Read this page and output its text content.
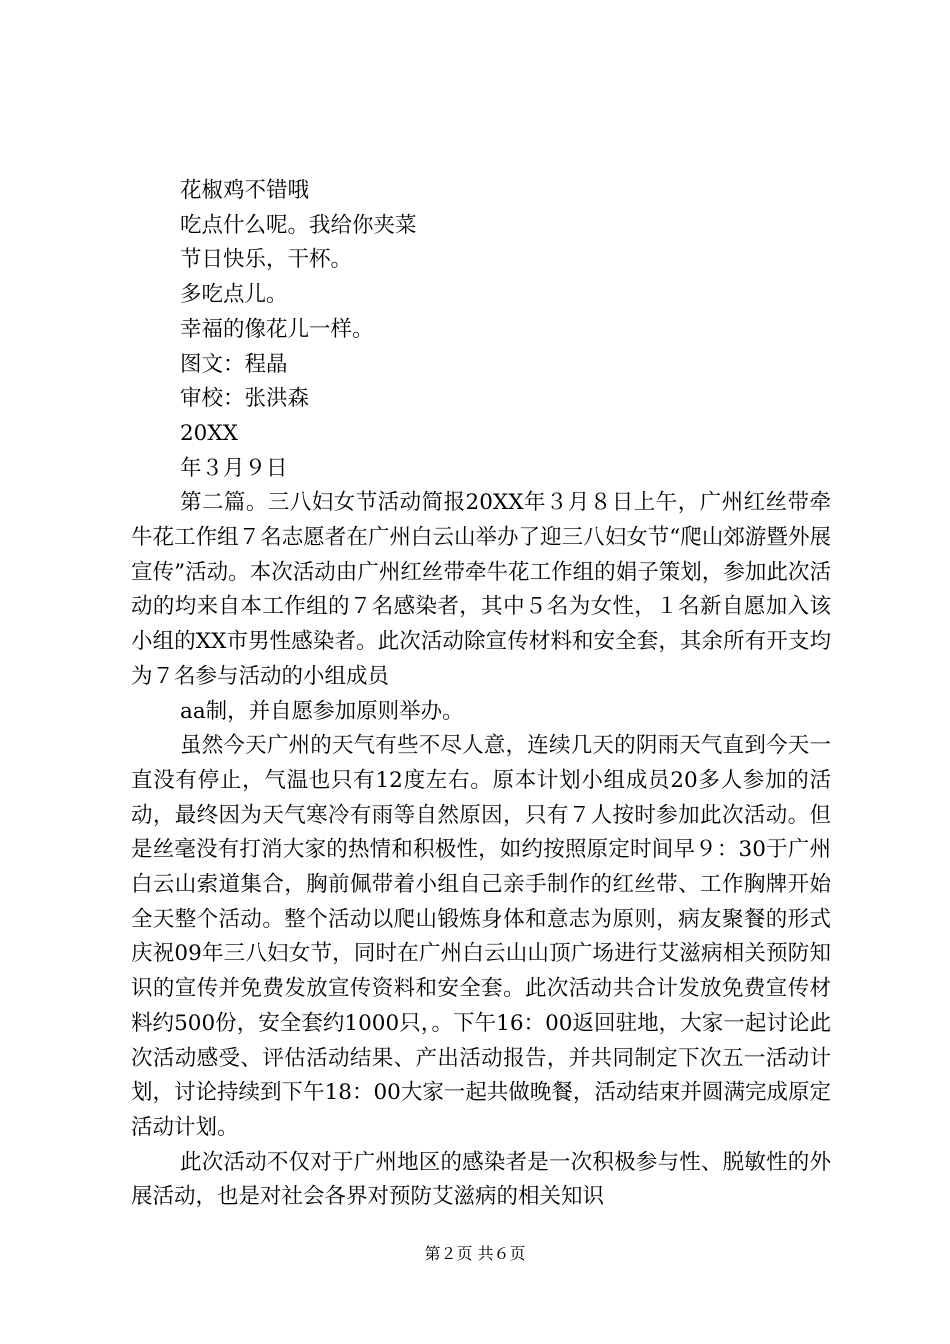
花椒鸡不错哦
吃点什么呢。我给你夹菜
节日快乐，干杯。
多吃点儿。
幸福的像花儿一样。
图文：程晶
审校：张洪森
20XX
年３月９日

第二篇。三八妇女节活动简报20XX年３月８日上午，广州红丝带牵牛花工作组７名志愿者在广州白云山举办了迎三八妇女节“爬山郊游暨外展宣传”活动。本次活动由广州红丝带牵牛花工作组的娟子策划，参加此次活动的均来自本工作组的７名感染者，其中５名为女性，１名新自愿加入该小组的XX市男性感染者。此次活动除宣传材料和安全套，其余所有开支均为７名参与活动的小组成员

aa制，并自愿参加原则举办。

虽然今天广州的天气有些不尽人意，连续几天的阴雨天气直到今天一直没有停止，气温也只有12度左右。原本计划小组成员20多人参加的活动，最终因为天气寒冷有雨等自然原因，只有７人按时参加此次活动。但是丝毫没有打消大家的热情和积极性，如约按照原定时间早９：30于广州白云山索道集合，胸前佩带着小组自己亲手制作的红丝带、工作胸牌开始全天整个活动。整个活动以爬山锻炼身体和意志为原则，病友聚餐的形式庆祝09年三八妇女节，同时在广州白云山山顶广场进行艾滋病相关预防知识的宣传并免费发放宣传资料和安全套。此次活动共合计发放免费宣传材料约500份，安全套约1000只，。下午16：00返回驻地，大家一起讨论此次活动感受、评估活动结果、产出活动报告，并共同制定下次五一活动计划，讨论持续到下午18：00大家一起共做晚餐，活动结束并圆满完成原定活动计划。

此次活动不仅对于广州地区的感染者是一次积极参与性、脱敏性的外展活动，也是对社会各界对预防艾滋病的相关知识

第２页 共６页
